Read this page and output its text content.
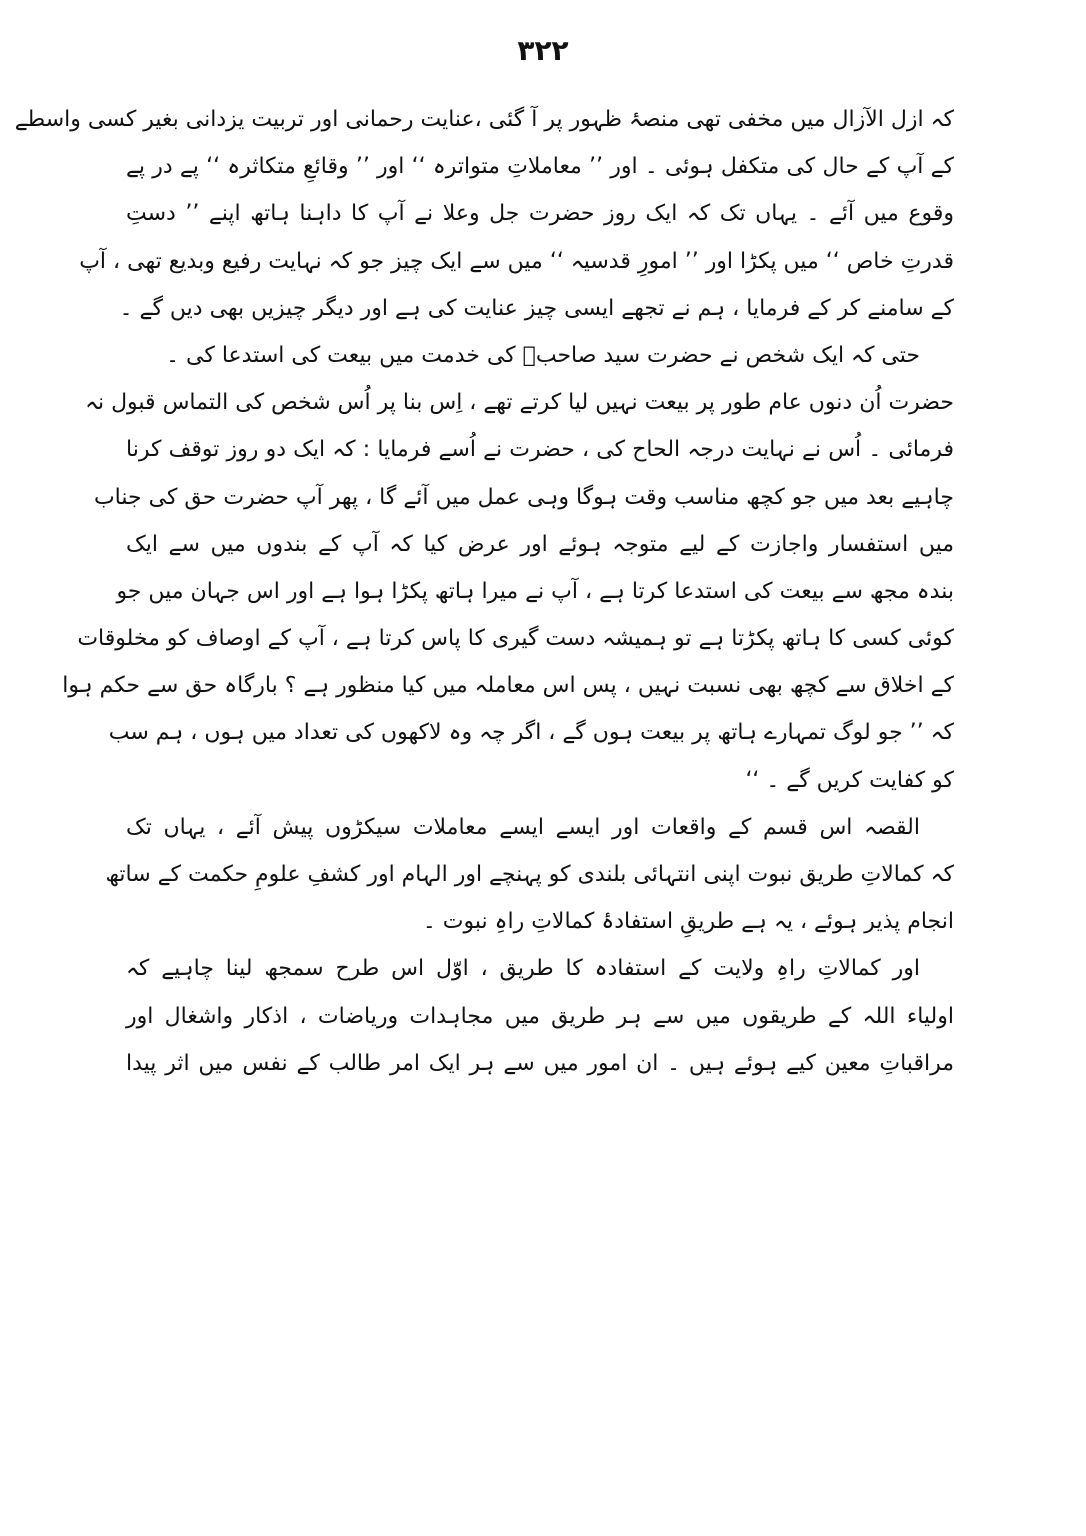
۳۲۲
کہ ازل الآزال میں مخفی تھی منصۂ ظہور پر آ گئی ،عنایت رحمانی اور تربیت یزدانی بغیر کسی واسطے
کے آپ کے حال کی متکفل ہوئی ۔ اور ’’ معاملاتِ متواترہ ‘‘ اور ’’ وقائعِ متکاثرہ ‘‘ پے در پے
وقوع میں آئے ۔ یہاں تک کہ ایک روز حضرت جل وعلا نے آپ کا داہنا ہاتھ اپنے ’’ دستِ
قدرتِ خاص ‘‘ میں پکڑا اور ’’ امورِ قدسیہ ‘‘ میں سے ایک چیز جو کہ نہایت رفیع وبدیع تھی ، آپ
کے سامنے کر کے فرمایا ، ہم نے تجھے ایسی چیز عنایت کی ہے اور دیگر چیزیں بھی دیں گے ۔
حتی کہ ایک شخص نے حضرت سید صاحبؒ کی خدمت میں بیعت کی استدعا کی ۔
حضرت اُن دنوں عام طور پر بیعت نہیں لیا کرتے تھے ، اِس بنا پر اُس شخص کی التماس قبول نہ
فرمائی ۔ اُس نے نہایت درجہ الحاح کی ، حضرت نے اُسے فرمایا : کہ ایک دو روز توقف کرنا
چاہیے بعد میں جو کچھ مناسب وقت ہوگا وہی عمل میں آئے گا ، پھر آپ حضرت حق کی جناب
میں استفسار واجازت کے لیے متوجہ ہوئے اور عرض کیا کہ آپ کے بندوں میں سے ایک
بندہ مجھ سے بیعت کی استدعا کرتا ہے ، آپ نے میرا ہاتھ پکڑا ہوا ہے اور اس جہان میں جو
کوئی کسی کا ہاتھ پکڑتا ہے تو ہمیشہ دست گیری کا پاس کرتا ہے ، آپ کے اوصاف کو مخلوقات
کے اخلاق سے کچھ بھی نسبت نہیں ، پس اس معاملہ میں کیا منظور ہے ؟ بارگاہ حق سے حکم ہوا
کہ ’’ جو لوگ تمہارے ہاتھ پر بیعت ہوں گے ، اگر چہ وہ لاکھوں کی تعداد میں ہوں ، ہم سب
کو کفایت کریں گے ۔ ‘‘
القصہ اس قسم کے واقعات اور ایسے ایسے معاملات سیکڑوں پیش آئے ، یہاں تک
کہ کمالاتِ طریق نبوت اپنی انتہائی بلندی کو پہنچے اور الہام اور کشفِ علومِ حکمت کے ساتھ
انجام پذیر ہوئے ، یہ ہے طریقِ استفادۂ کمالاتِ راہِ نبوت ۔
اور کمالاتِ راہِ ولایت کے استفادہ کا طریق ، اوّل اس طرح سمجھ لینا چاہیے کہ
اولیاء اللہ کے طریقوں میں سے ہر طریق میں مجاہدات وریاضات ، اذکار واشغال اور
مراقباتِ معین کیے ہوئے ہیں ۔ ان امور میں سے ہر ایک امر طالب کے نفس میں اثر پیدا
